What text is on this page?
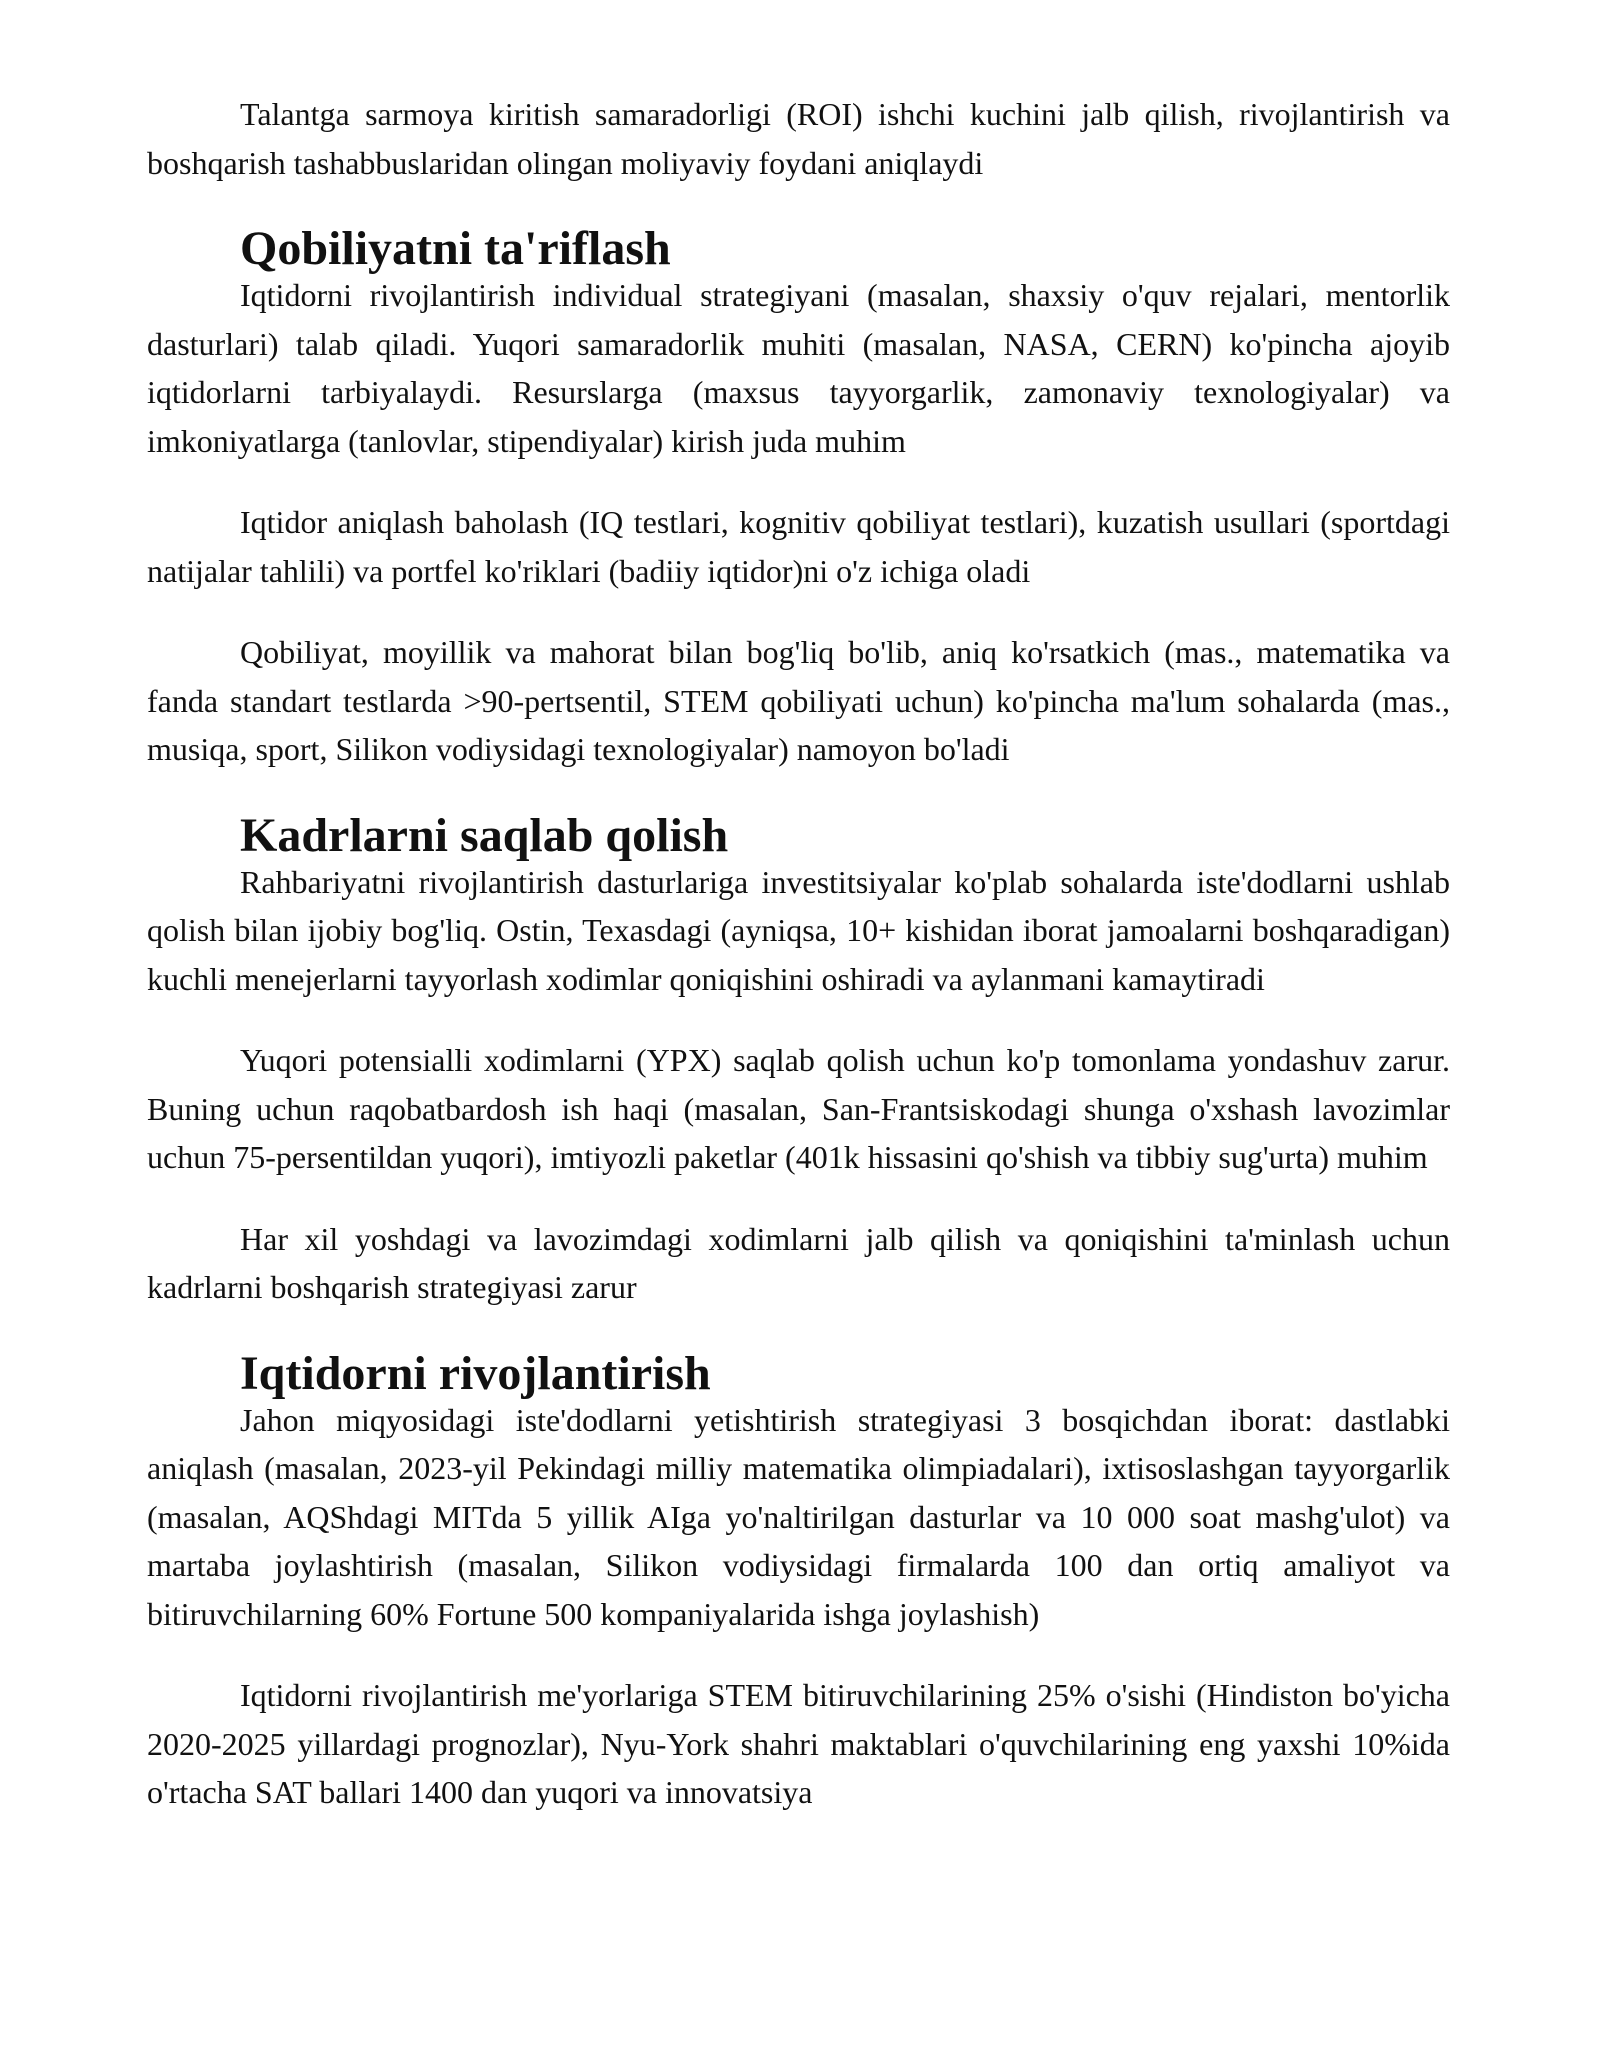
Talantga sarmoya kiritish samaradorligi (ROI) ishchi kuchini jalb qilish, rivojlantirish va boshqarish tashabbuslaridan olingan moliyaviy foydani aniqlaydi

Qobiliyatni ta'riflash

Iqtidorni rivojlantirish individual strategiyani (masalan, shaxsiy o'quv rejalari, mentorlik dasturlari) talab qiladi. Yuqori samaradorlik muhiti (masalan, NASA, CERN) ko'pincha ajoyib iqtidorlarni tarbiyalaydi. Resurslarga (maxsus tayyorgarlik, zamonaviy texnologiyalar) va imkoniyatlarga (tanlovlar, stipendiyalar) kirish juda muhim

Iqtidor aniqlash baholash (IQ testlari, kognitiv qobiliyat testlari), kuzatish usullari (sportdagi natijalar tahlili) va portfel ko'riklari (badiiy iqtidor)ni o'z ichiga oladi

Qobiliyat, moyillik va mahorat bilan bog'liq bo'lib, aniq ko'rsatkich (mas., matematika va fanda standart testlarda >90-pertsentil, STEM qobiliyati uchun) ko'pincha ma'lum sohalarda (mas., musiqa, sport, Silikon vodiysidagi texnologiyalar) namoyon bo'ladi

Kadrlarni saqlab qolish

Rahbariyatni rivojlantirish dasturlariga investitsiyalar ko'plab sohalarda iste'dodlarni ushlab qolish bilan ijobiy bog'liq. Ostin, Texasdagi (ayniqsa, 10+ kishidan iborat jamoalarni boshqaradigan) kuchli menejerlarni tayyorlash xodimlar qoniqishini oshiradi va aylanmani kamaytiradi

Yuqori potensialli xodimlarni (YPX) saqlab qolish uchun ko'p tomonlama yondashuv zarur. Buning uchun raqobatbardosh ish haqi (masalan, San-Frantsiskodagi shunga o'xshash lavozimlar uchun 75-persentildan yuqori), imtiyozli paketlar (401k hissasini qo'shish va tibbiy sug'urta) muhim

Har xil yoshdagi va lavozimdagi xodimlarni jalb qilish va qoniqishini ta'minlash uchun kadrlarni boshqarish strategiyasi zarur

Iqtidorni rivojlantirish

Jahon miqyosidagi iste'dodlarni yetishtirish strategiyasi 3 bosqichdan iborat: dastlabki aniqlash (masalan, 2023-yil Pekindagi milliy matematika olimpiadalari), ixtisoslashgan tayyorgarlik (masalan, AQShdagi MITda 5 yillik AIga yo'naltirilgan dasturlar va 10 000 soat mashg'ulot) va martaba joylashtirish (masalan, Silikon vodiysidagi firmalarda 100 dan ortiq amaliyot va bitiruvchilarning 60% Fortune 500 kompaniyalarida ishga joylashish)

Iqtidorni rivojlantirish me'yorlariga STEM bitiruvchilarining 25% o'sishi (Hindiston bo'yicha 2020-2025 yillardagi prognozlar), Nyu-York shahri maktablari o'quvchilarining eng yaxshi 10%ida o'rtacha SAT ballari 1400 dan yuqori va innovatsiya
